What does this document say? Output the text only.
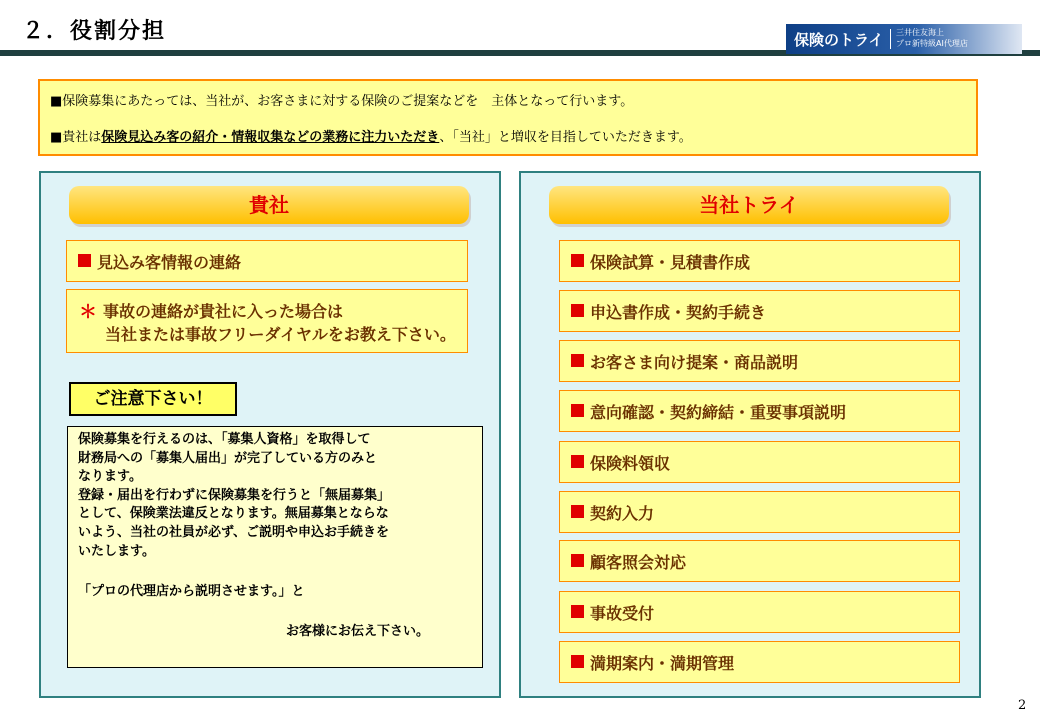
２．役割分担	保険のトライ 三井住友海上
プロ新特級AI代理店

■保険募集にあたっては、当社が、お客さまに対する保険のご提案などを　主体となって行います。

■貴社は保険見込み客の紹介・情報収集などの業務に注力いただき、「当社」と増収を目指していただきます。

貴社
見込み客情報の連絡
＊ 事故の連絡が貴社に入った場合は
当社または事故フリーダイヤルをお教え下さい。
ご注意下さい！
保険募集を行えるのは、「募集人資格」を取得して
財務局への「募集人届出」が完了している方のみと
なります。
登録・届出を行わずに保険募集を行うと「無届募集」
として、保険業法違反となります。無届募集とならな
いよう、当社の社員が必ず、ご説明や申込お手続きを
いたします。
「プロの代理店から説明させます。」と
お客様にお伝え下さい。
当社トライ
保険試算・見積書作成
申込書作成・契約手続き
お客さま向け提案・商品説明
意向確認・契約締結・重要事項説明
保険料領収
契約入力
顧客照会対応
事故受付
満期案内・満期管理
2
